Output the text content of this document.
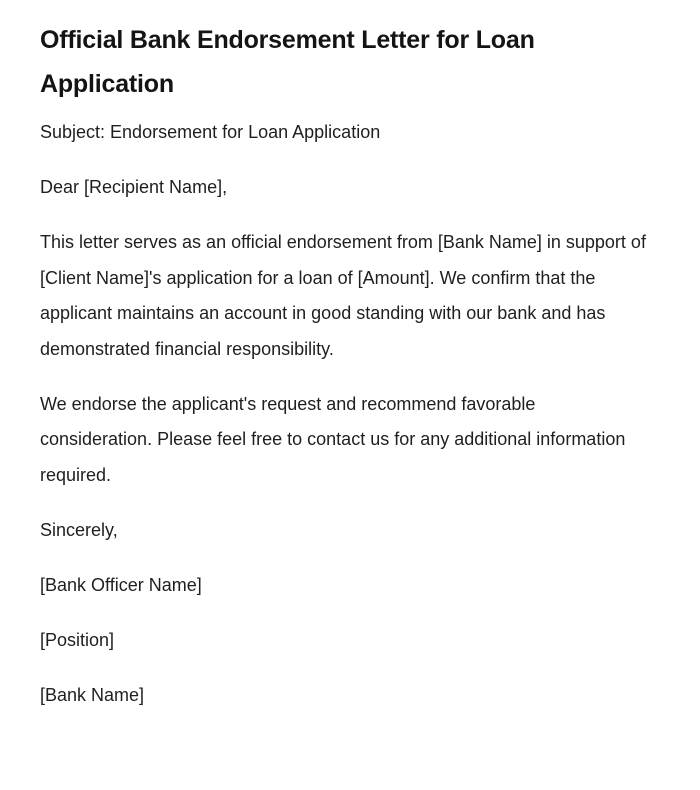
Official Bank Endorsement Letter for Loan Application

Subject: Endorsement for Loan Application

Dear [Recipient Name],

This letter serves as an official endorsement from [Bank Name] in support of [Client Name]'s application for a loan of [Amount]. We confirm that the applicant maintains an account in good standing with our bank and has demonstrated financial responsibility.

We endorse the applicant's request and recommend favorable consideration. Please feel free to contact us for any additional information required.

Sincerely,

[Bank Officer Name]

[Position]

[Bank Name]
